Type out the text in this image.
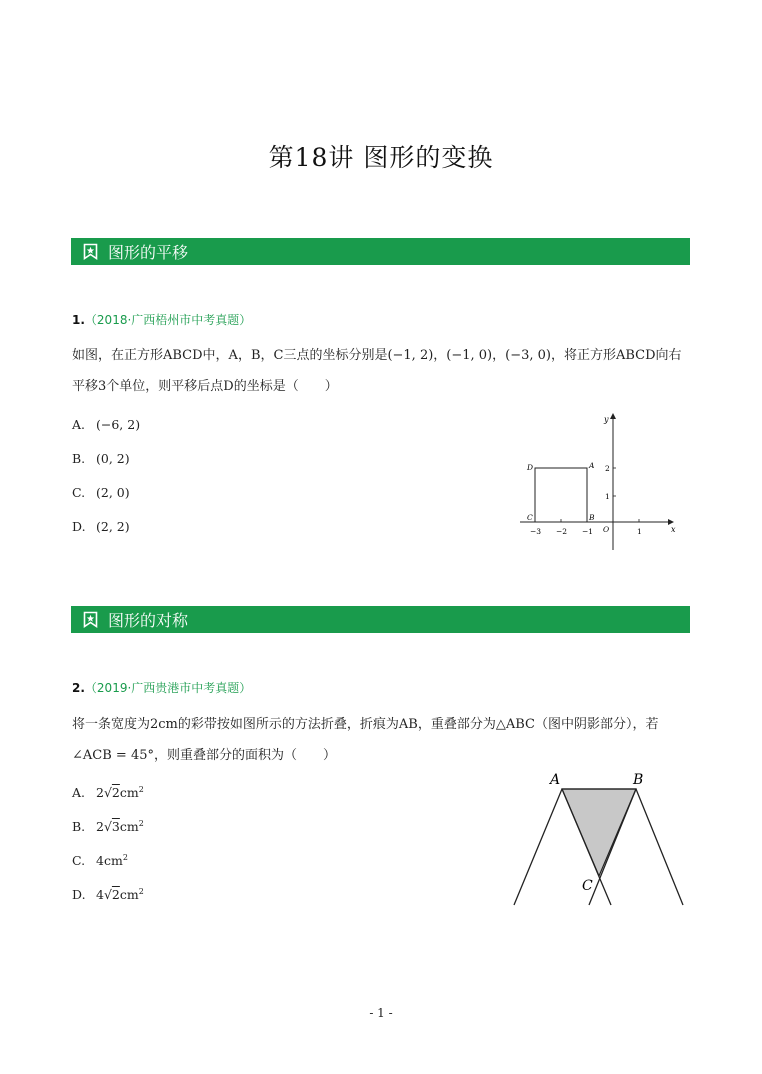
第18讲 图形的变换
图形的平移
1.（2018·广西梧州市中考真题）
如图，在正方形ABCD中，A，B，C三点的坐标分别是(−1, 2)，(−1, 0)，(−3, 0)，将正方形ABCD向右
平移3个单位，则平移后点D的坐标是（　　）
A. (−6, 2)
B. (0, 2)
C. (2, 0)
D. (2, 2)	x
y
O
−3 −2 −1	1
1
2
D	A
C	B
图形的对称
2.（2019·广西贵港市中考真题）
将一条宽度为2cm的彩带按如图所示的方法折叠，折痕为AB，重叠部分为△ABC（图中阴影部分），若
∠ACB = 45°，则重叠部分的面积为（　　）
A. $2√2cm^2$
B. $2√3cm^2$
C. $4cm^2$
D. $4√2cm^2$
A	B
C
- 1 -
